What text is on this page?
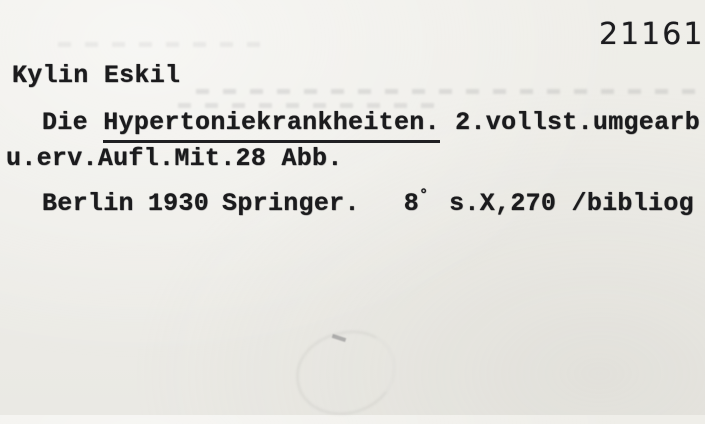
21161
Kylin Eskil
Die Hypertoniekrankheiten. 2.vollst.umgearb
u.erv.Aufl.Mit.28 Abb.
Berlin 1930 Springer. 8° s.X,270 /bibliog
